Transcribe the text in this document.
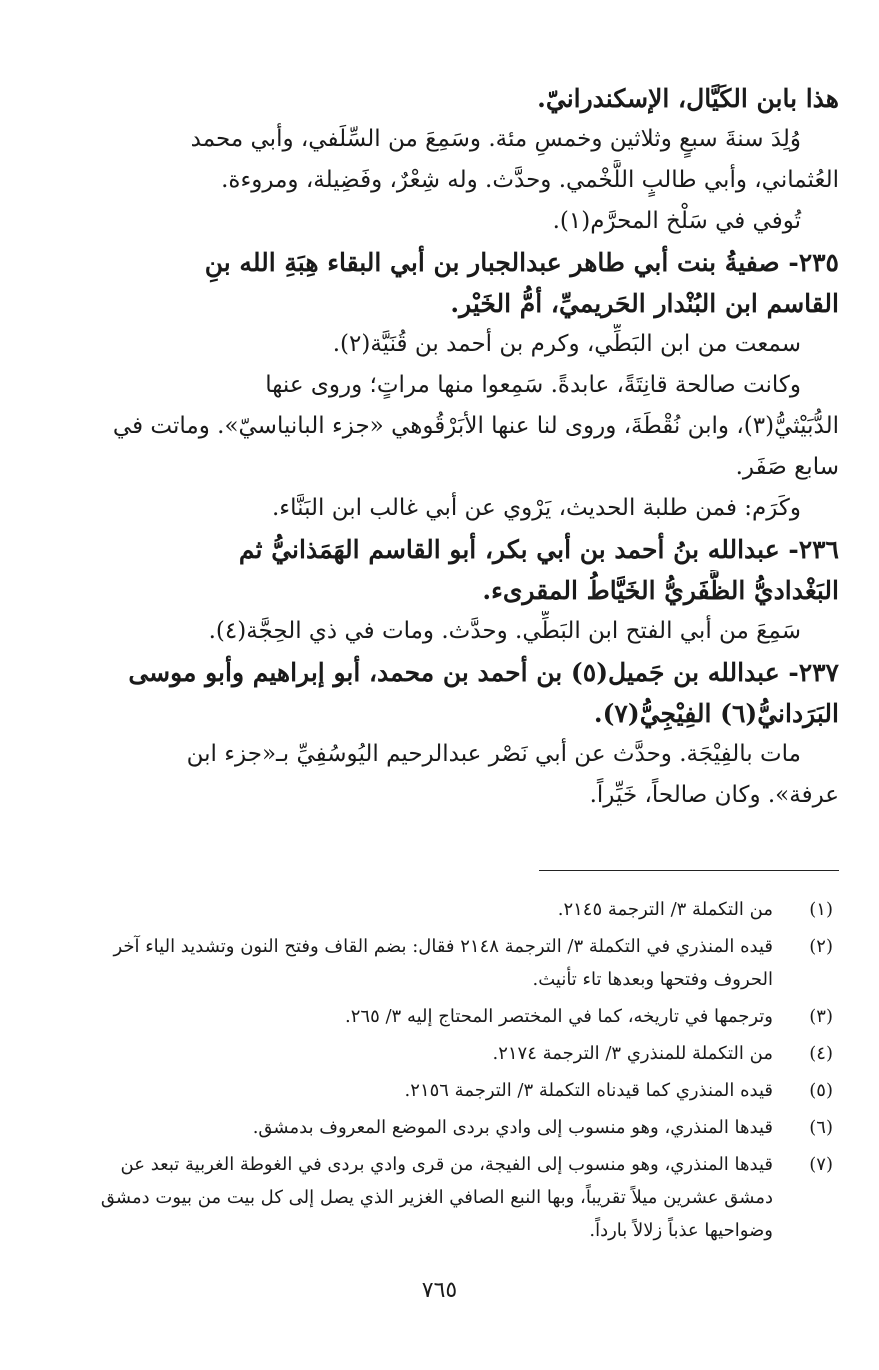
هذا بابن الكَيَّال، الإسكندرانيّ.
وُلِدَ سنةَ سبعٍ وثلاثين وخمسِ مئة. وسَمِعَ من السِّلَفي، وأبي محمد
العُثماني، وأبي طالبٍ اللَّخْمي. وحدَّث. وله شِعْرٌ، وفَضِيلة، ومروءة.
تُوفي في سَلْخ المحرَّم(١).
٢٣٥- صفيةُ بنت أبي طاهر عبدالجبار بن أبي البقاء هِبَةِ الله بنِ
القاسم ابن البُنْدار الحَريميِّ، أمُّ الخَيْر.
سمعت من ابن البَطِّي، وكرم بن أحمد بن قُنَيَّة(٢).
وكانت صالحة قانِتَةً، عابدةً. سَمِعوا منها مراتٍ؛ وروى عنها
الدُّبَيْثيُّ(٣)، وابن نُقْطَةَ، وروى لنا عنها الأبَرْقُوهي «جزء البانياسيّ». وماتت في
سابع صَفَر.
وكَرَم: فمن طلبة الحديث، يَرْوي عن أبي غالب ابن البَنَّاء.
٢٣٦- عبدالله بنُ أحمد بن أبي بكر، أبو القاسم الهَمَذانيُّ ثم
البَغْداديُّ الظَّفَريُّ الخَيَّاطُ المقرىء.
سَمِعَ من أبي الفتح ابن البَطِّي. وحدَّث. ومات في ذي الحِجَّة(٤).
٢٣٧- عبدالله بن جَميل(٥) بن أحمد بن محمد، أبو إبراهيم وأبو موسى
البَرَدانيُّ(٦) الفِيْجِيُّ(٧).
مات بالفِيْجَة. وحدَّث عن أبي نَصْر عبدالرحيم اليُوسُفِيِّ بـ«جزء ابن
عرفة». وكان صالحاً، خَيِّراً.
(١)
من التكملة ٣/ الترجمة ٢١٤٥.
(٢)
قيده المنذري في التكملة ٣/ الترجمة ٢١٤٨ فقال: بضم القاف وفتح النون وتشديد الياء آخر الحروف وفتحها وبعدها تاء تأنيث.
(٣)
وترجمها في تاريخه، كما في المختصر المحتاج إليه ٣/ ٢٦٥.
(٤)
من التكملة للمنذري ٣/ الترجمة ٢١٧٤.
(٥)
قيده المنذري كما قيدناه التكملة ٣/ الترجمة ٢١٥٦.
(٦)
قيدها المنذري، وهو منسوب إلى وادي بردى الموضع المعروف بدمشق.
(٧)
قيدها المنذري، وهو منسوب إلى الفيجة، من قرى وادي بردى في الغوطة الغربية تبعد عن دمشق عشرين ميلاً تقريباً، وبها النبع الصافي الغزير الذي يصل إلى كل بيت من بيوت دمشق وضواحيها عذباً زلالاً بارداً.
٧٦٥
